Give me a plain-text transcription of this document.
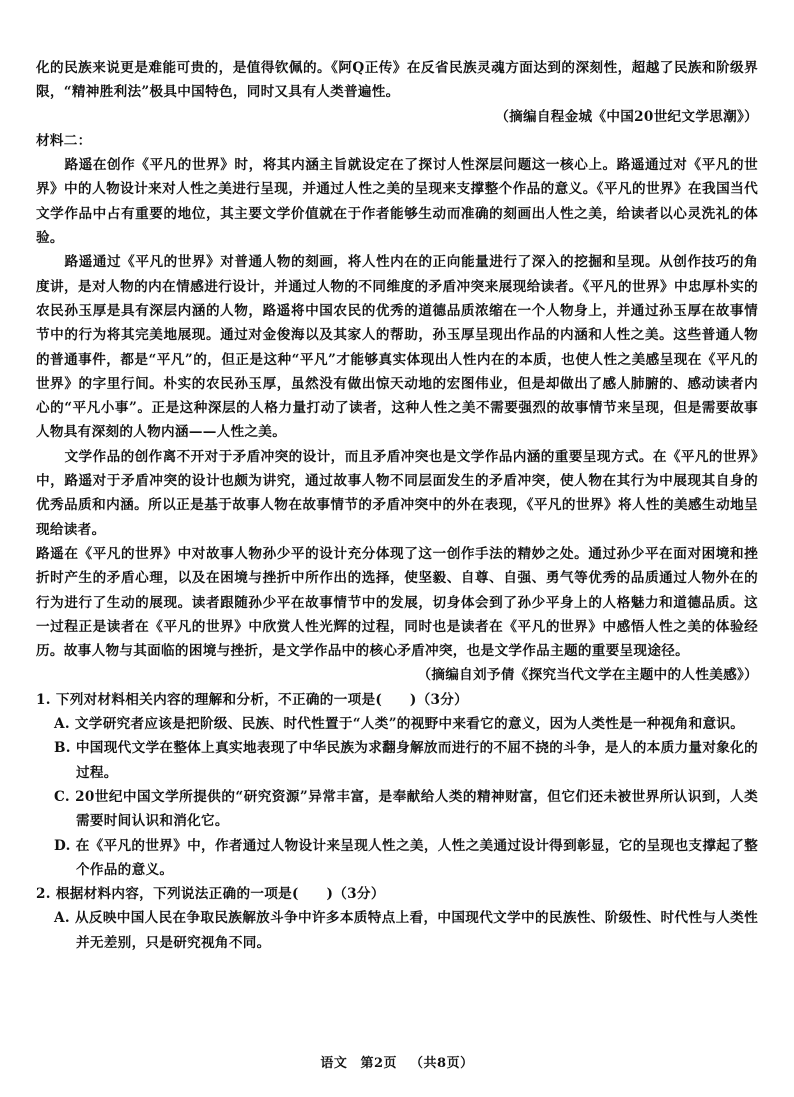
化的民族来说更是难能可贵的，是值得钦佩的。《阿Q正传》在反省民族灵魂方面达到的深刻性，超越了民族和阶级界限，“精神胜利法”极具中国特色，同时又具有人类普遍性。

（摘编自程金城《中国20世纪文学思潮》）

材料二：

路遥在创作《平凡的世界》时，将其内涵主旨就设定在了探讨人性深层问题这一核心上。路遥通过对《平凡的世界》中的人物设计来对人性之美进行呈现，并通过人性之美的呈现来支撑整个作品的意义。《平凡的世界》在我国当代文学作品中占有重要的地位，其主要文学价值就在于作者能够生动而准确的刻画出人性之美，给读者以心灵洗礼的体验。

路遥通过《平凡的世界》对普通人物的刻画，将人性内在的正向能量进行了深入的挖掘和呈现。从创作技巧的角度讲，是对人物的内在情感进行设计，并通过人物的不同维度的矛盾冲突来展现给读者。《平凡的世界》中忠厚朴实的农民孙玉厚是具有深层内涵的人物，路遥将中国农民的优秀的道德品质浓缩在一个人物身上，并通过孙玉厚在故事情节中的行为将其完美地展现。通过对金俊海以及其家人的帮助，孙玉厚呈现出作品的内涵和人性之美。这些普通人物的普通事件，都是“平凡”的，但正是这种“平凡”才能够真实体现出人性内在的本质，也使人性之美感呈现在《平凡的世界》的字里行间。朴实的农民孙玉厚，虽然没有做出惊天动地的宏图伟业，但是却做出了感人肺腑的、感动读者内心的“平凡小事”。正是这种深层的人格力量打动了读者，这种人性之美不需要强烈的故事情节来呈现，但是需要故事人物具有深刻的人物内涵——人性之美。

文学作品的创作离不开对于矛盾冲突的设计，而且矛盾冲突也是文学作品内涵的重要呈现方式。在《平凡的世界》中，路遥对于矛盾冲突的设计也颇为讲究，通过故事人物不同层面发生的矛盾冲突，使人物在其行为中展现其自身的优秀品质和内涵。所以正是基于故事人物在故事情节的矛盾冲突中的外在表现，《平凡的世界》将人性的美感生动地呈现给读者。

路遥在《平凡的世界》中对故事人物孙少平的设计充分体现了这一创作手法的精妙之处。通过孙少平在面对困境和挫折时产生的矛盾心理，以及在困境与挫折中所作出的选择，使坚毅、自尊、自强、勇气等优秀的品质通过人物外在的行为进行了生动的展现。读者跟随孙少平在故事情节中的发展，切身体会到了孙少平身上的人格魅力和道德品质。这一过程正是读者在《平凡的世界》中欣赏人性光辉的过程，同时也是读者在《平凡的世界》中感悟人性之美的体验经历。故事人物与其面临的困境与挫折，是文学作品中的核心矛盾冲突，也是文学作品主题的重要呈现途径。

（摘编自刘予倩《探究当代文学在主题中的人性美感》）

1. 下列对材料相关内容的理解和分析，不正确的一项是(　　)（3分）

A. 文学研究者应该是把阶级、民族、时代性置于“人类”的视野中来看它的意义，因为人类性是一种视角和意识。

B. 中国现代文学在整体上真实地表现了中华民族为求翻身解放而进行的不屈不挠的斗争，是人的本质力量对象化的过程。

C. 20世纪中国文学所提供的“研究资源”异常丰富，是奉献给人类的精神财富，但它们还未被世界所认识到，人类需要时间认识和消化它。

D. 在《平凡的世界》中，作者通过人物设计来呈现人性之美，人性之美通过设计得到彰显，它的呈现也支撑起了整个作品的意义。

2. 根据材料内容，下列说法正确的一项是(　　)（3分）

A. 从反映中国人民在争取民族解放斗争中许多本质特点上看，中国现代文学中的民族性、阶级性、时代性与人类性并无差别，只是研究视角不同。

语文 第2页 （共8页）
